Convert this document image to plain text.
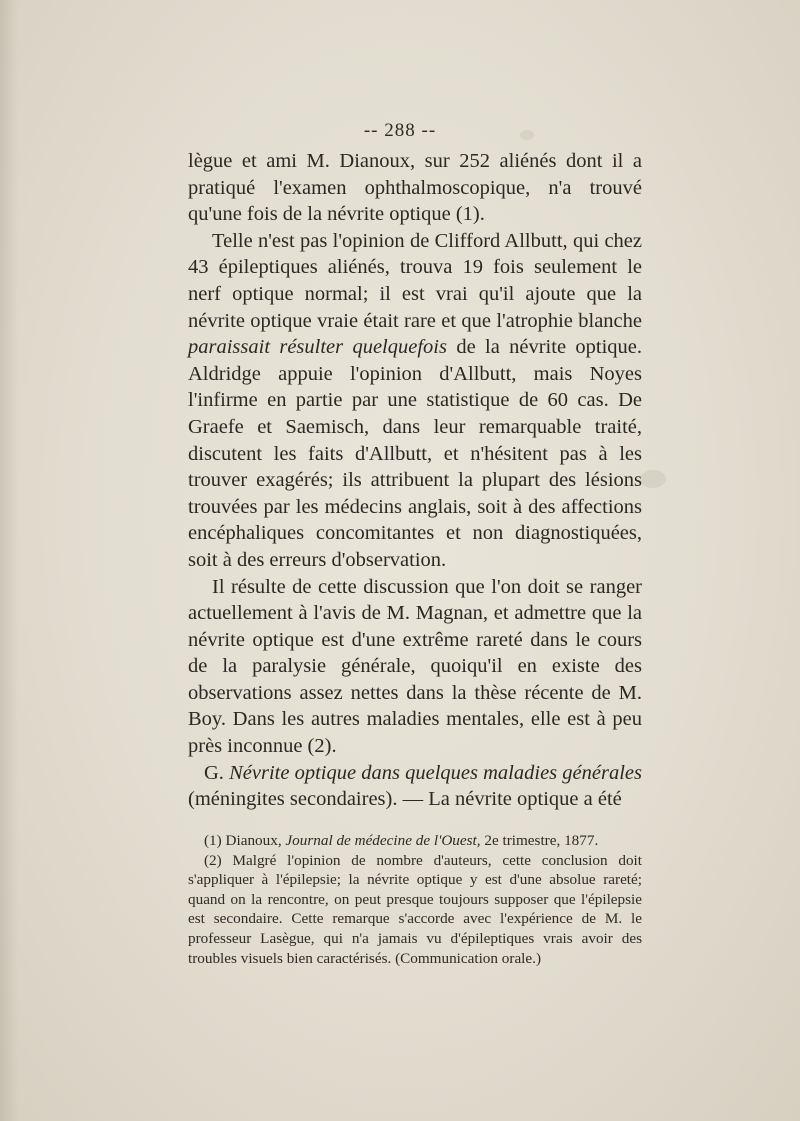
-- 288 --

lègue et ami M. Dianoux, sur 252 aliénés dont il a pratiqué l'examen ophthalmoscopique, n'a trouvé qu'une fois de la névrite optique (1).

Telle n'est pas l'opinion de Clifford Allbutt, qui chez 43 épileptiques aliénés, trouva 19 fois seulement le nerf optique normal; il est vrai qu'il ajoute que la névrite optique vraie était rare et que l'atrophie blanche paraissait résulter quelquefois de la névrite optique. Aldridge appuie l'opinion d'Allbutt, mais Noyes l'infirme en partie par une statistique de 60 cas. De Graefe et Saemisch, dans leur remarquable traité, discutent les faits d'Allbutt, et n'hésitent pas à les trouver exagérés; ils attribuent la plupart des lésions trouvées par les médecins anglais, soit à des affections encéphaliques concomitantes et non diagnostiquées, soit à des erreurs d'observation.

Il résulte de cette discussion que l'on doit se ranger actuellement à l'avis de M. Magnan, et admettre que la névrite optique est d'une extrême rareté dans le cours de la paralysie générale, quoiqu'il en existe des observations assez nettes dans la thèse récente de M. Boy. Dans les autres maladies mentales, elle est à peu près inconnue (2).

G. Névrite optique dans quelques maladies générales (méningites secondaires). — La névrite optique a été

(1) Dianoux, Journal de médecine de l'Ouest, 2e trimestre, 1877.

(2) Malgré l'opinion de nombre d'auteurs, cette conclusion doit s'appliquer à l'épilepsie; la névrite optique y est d'une absolue rareté; quand on la rencontre, on peut presque toujours supposer que l'épilepsie est secondaire. Cette remarque s'accorde avec l'expérience de M. le professeur Lasègue, qui n'a jamais vu d'épileptiques vrais avoir des troubles visuels bien caractérisés. (Communication orale.)
